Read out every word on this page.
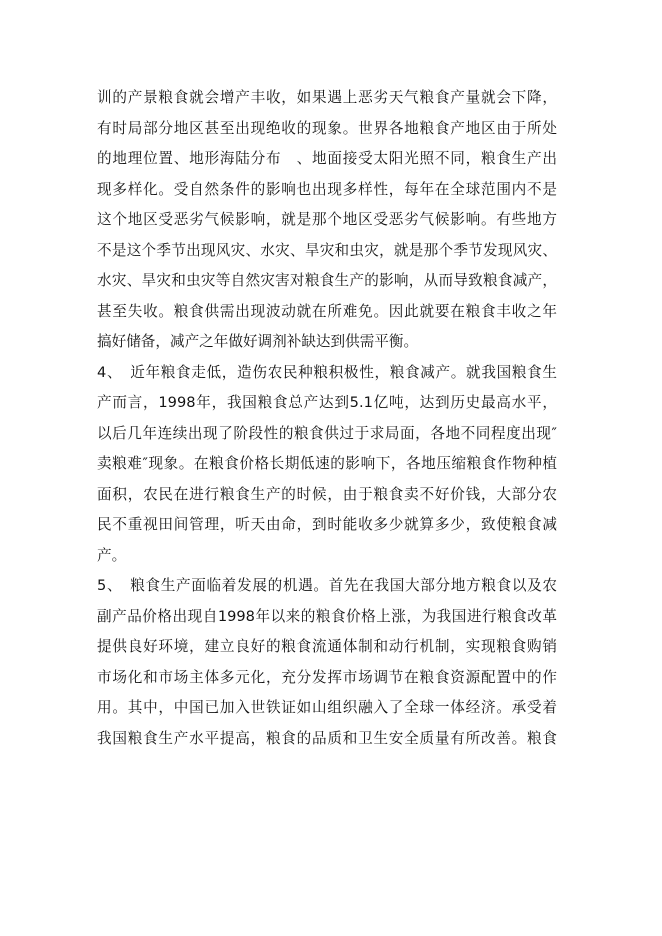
训的产景粮食就会增产丰收，如果遇上恶劣天气粮食产量就会下降，
有时局部分地区甚至出现绝收的现象。世界各地粮食产地区由于所处
的地理位置、地形海陆分布　、地面接受太阳光照不同，粮食生产出
现多样化。受自然条件的影响也出现多样性，每年在全球范围内不是
这个地区受恶劣气候影响，就是那个地区受恶劣气候影响。有些地方
不是这个季节出现风灾、水灾、旱灾和虫灾，就是那个季节发现风灾、
水灾、旱灾和虫灾等自然灾害对粮食生产的影响，从而导致粮食减产，
甚至失收。粮食供需出现波动就在所难免。因此就要在粮食丰收之年
搞好储备，减产之年做好调剂补缺达到供需平衡。
4、　近年粮食走低，造伤农民种粮积极性，粮食减产。就我国粮食生
产而言，1998年，我国粮食总产达到5.1亿吨，达到历史最高水平，
以后几年连续出现了阶段性的粮食供过于求局面，各地不同程度出现″
卖粮难″现象。在粮食价格长期低速的影响下，各地压缩粮食作物种植
面积，农民在进行粮食生产的时候，由于粮食卖不好价钱，大部分农
民不重视田间管理，听天由命，到时能收多少就算多少，致使粮食减
产。
5、　粮食生产面临着发展的机遇。首先在我国大部分地方粮食以及农
副产品价格出现自1998年以来的粮食价格上涨，为我国进行粮食改革
提供良好环境，建立良好的粮食流通体制和动行机制，实现粮食购销
市场化和市场主体多元化，充分发挥市场调节在粮食资源配置中的作
用。其中，中国已加入世铁证如山组织融入了全球一体经济。承受着
我国粮食生产水平提高，粮食的品质和卫生安全质量有所改善。粮食
